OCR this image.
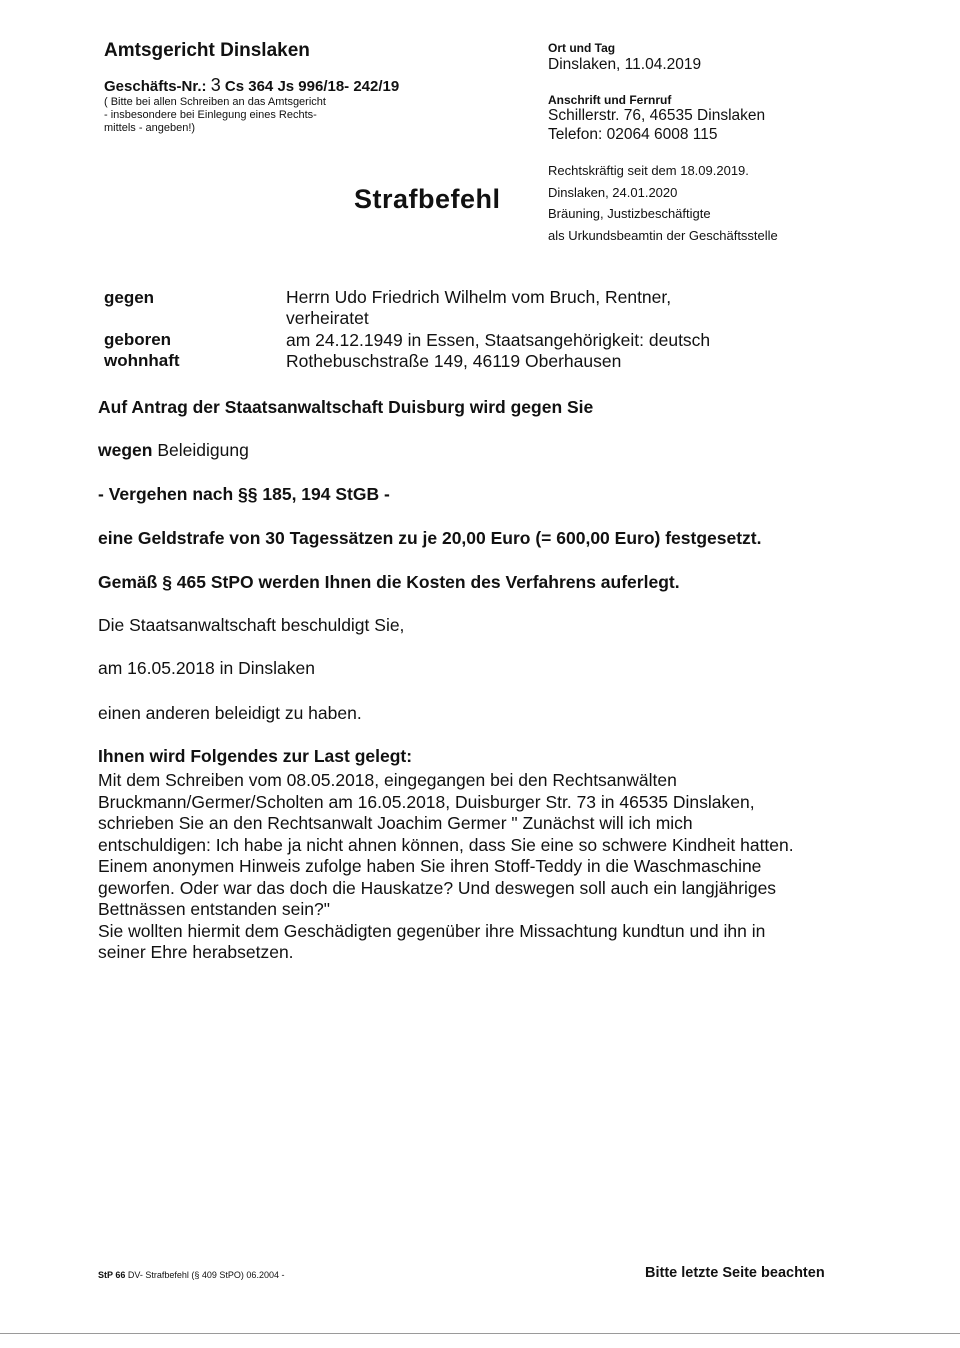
Amtsgericht Dinslaken
Geschäfts-Nr.: 3 Cs 364 Js 996/18- 242/19
( Bitte bei allen Schreiben an das Amtsgericht
- insbesondere bei Einlegung eines Rechts-
mittels - angeben!)
Ort und Tag
Dinslaken, 11.04.2019
Anschrift und Fernruf
Schillerstr. 76, 46535 Dinslaken
Telefon: 02064 6008 115
Rechtskräftig seit dem 18.09.2019.
Dinslaken, 24.01.2020
Bräuning, Justizbeschäftigte
als Urkundsbeamtin der Geschäftsstelle
Strafbefehl
gegen	Herrn Udo Friedrich Wilhelm vom Bruch, Rentner,
verheiratet
geboren	am 24.12.1949 in Essen, Staatsangehörigkeit: deutsch
wohnhaft	Rothebuschstraße 149, 46119 Oberhausen
Auf Antrag der Staatsanwaltschaft Duisburg wird gegen Sie
wegen Beleidigung
- Vergehen nach §§ 185, 194 StGB -
eine Geldstrafe von 30 Tagessätzen zu je 20,00 Euro (= 600,00 Euro) festgesetzt.
Gemäß § 465 StPO werden Ihnen die Kosten des Verfahrens auferlegt.
Die Staatsanwaltschaft beschuldigt Sie,
am 16.05.2018 in Dinslaken
einen anderen beleidigt zu haben.
Ihnen wird Folgendes zur Last gelegt:
Mit dem Schreiben vom 08.05.2018, eingegangen bei den Rechtsanwälten
Bruckmann/Germer/Scholten am 16.05.2018, Duisburger Str. 73 in 46535 Dinslaken,
schrieben Sie an den Rechtsanwalt Joachim Germer " Zunächst will ich mich
entschuldigen: Ich habe ja nicht ahnen können, dass Sie eine so schwere Kindheit hatten.
Einem anonymen Hinweis zufolge haben Sie ihren Stoff-Teddy in die Waschmaschine
geworfen. Oder war das doch die Hauskatze? Und deswegen soll auch ein langjähriges
Bettnässen entstanden sein?"
Sie wollten hiermit dem Geschädigten gegenüber ihre Missachtung kundtun und ihn in
seiner Ehre herabsetzen.
StP 66 DV- Strafbefehl (§ 409 StPO) 06.2004 -	Bitte letzte Seite beachten
